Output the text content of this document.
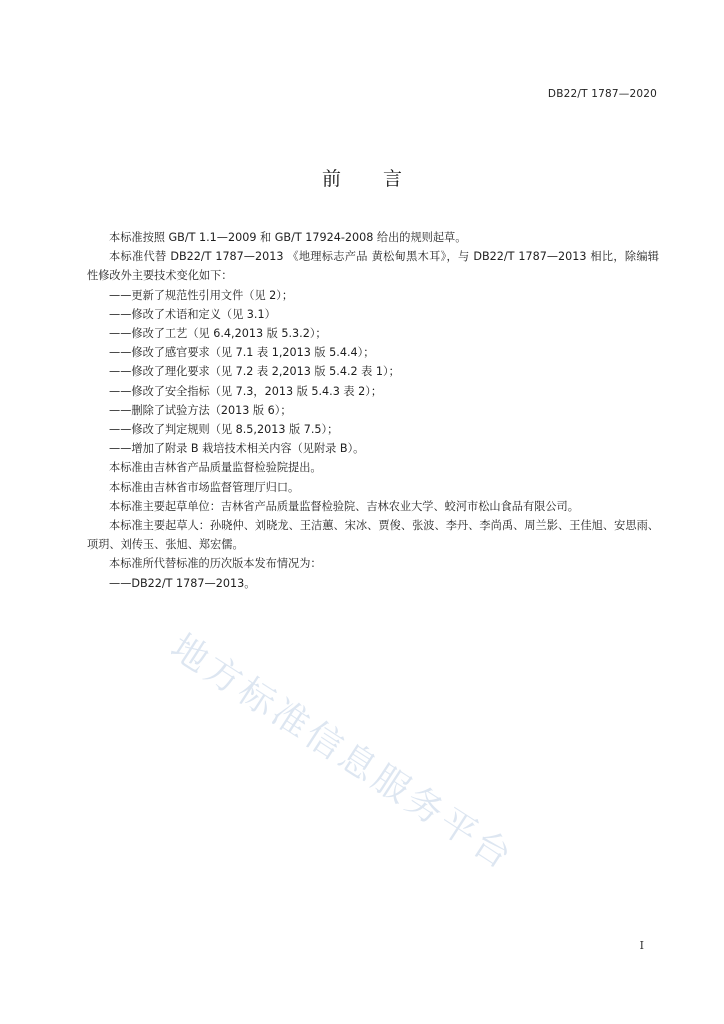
DB22/T 1787—2020
前 言

本标准按照 GB/T 1.1—2009 和 GB/T 17924-2008 给出的规则起草。

本标准代替 DB22/T 1787—2013 《地理标志产品 黄松甸黑木耳》，与 DB22/T 1787—2013 相比，除编辑性修改外主要技术变化如下：

——更新了规范性引用文件（见 2）；

——修改了术语和定义（见 3.1）

——修改了工艺（见 6.4,2013 版 5.3.2）；

——修改了感官要求（见 7.1 表 1,2013 版 5.4.4）；

——修改了理化要求（见 7.2 表 2,2013 版 5.4.2 表 1）；

——修改了安全指标（见 7.3，2013 版 5.4.3 表 2）；

——删除了试验方法（2013 版 6）；

——修改了判定规则（见 8.5,2013 版 7.5）；

——增加了附录 B 栽培技术相关内容（见附录 B）。

本标准由吉林省产品质量监督检验院提出。

本标准由吉林省市场监督管理厅归口。

本标准主要起草单位：吉林省产品质量监督检验院、吉林农业大学、蛟河市松山食品有限公司。

本标准主要起草人：孙晓仲、刘晓龙、王洁蕙、宋冰、贾俊、张波、李丹、李尚禹、周兰影、王佳旭、安思雨、项玥、刘传玉、张旭、郑宏儒。

本标准所代替标准的历次版本发布情况为：

——DB22/T 1787—2013。

地方标准信息服务平台
I
